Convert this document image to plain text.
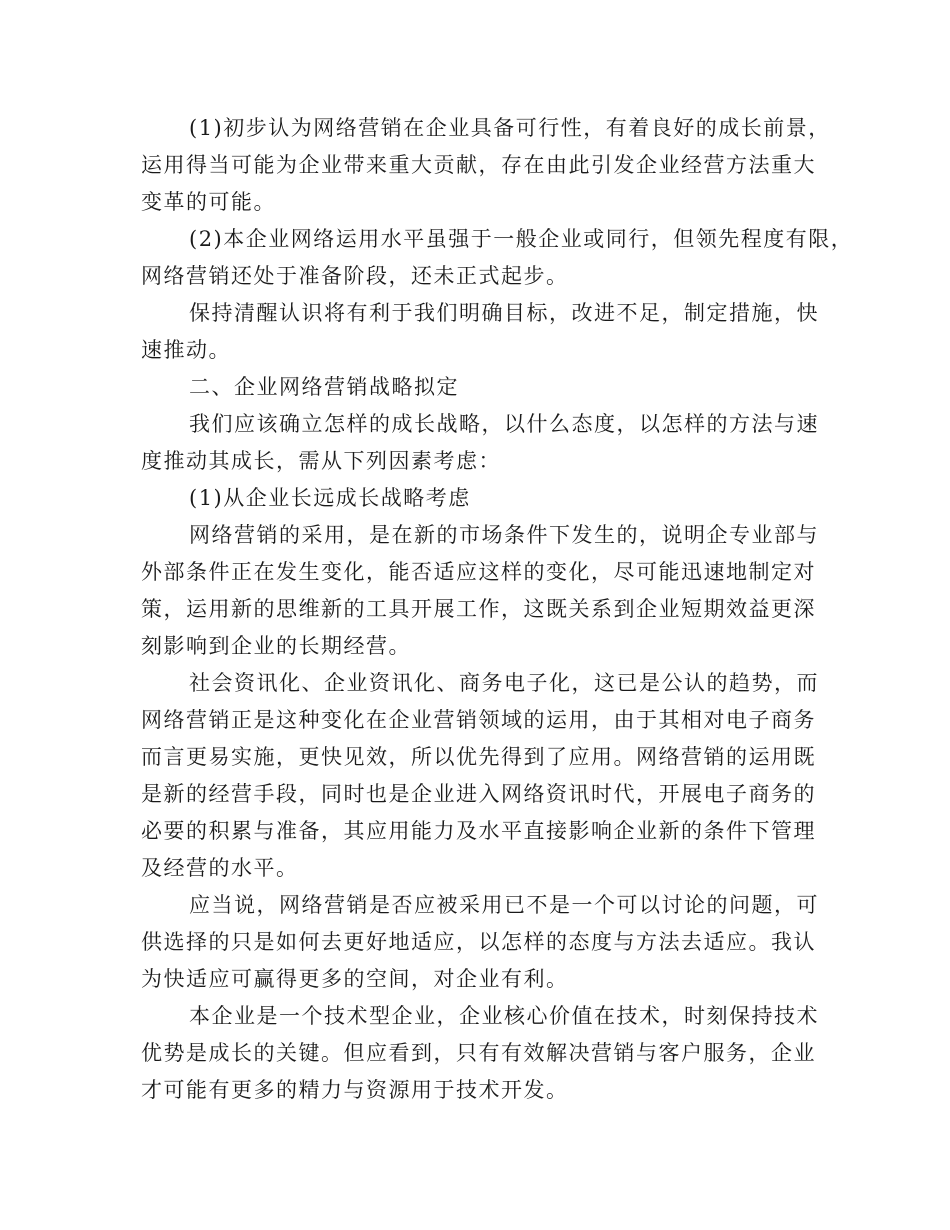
(1)初步认为网络营销在企业具备可行性，有着良好的成长前景，
运用得当可能为企业带来重大贡献，存在由此引发企业经营方法重大
变革的可能。
(2)本企业网络运用水平虽强于一般企业或同行，但领先程度有限，
网络营销还处于准备阶段，还未正式起步。
保持清醒认识将有利于我们明确目标，改进不足，制定措施，快
速推动。
二、企业网络营销战略拟定
我们应该确立怎样的成长战略，以什么态度，以怎样的方法与速
度推动其成长，需从下列因素考虑：
(1)从企业长远成长战略考虑
网络营销的采用，是在新的市场条件下发生的，说明企专业部与
外部条件正在发生变化，能否适应这样的变化，尽可能迅速地制定对
策，运用新的思维新的工具开展工作，这既关系到企业短期效益更深
刻影响到企业的长期经营。
社会资讯化、企业资讯化、商务电子化，这已是公认的趋势，而
网络营销正是这种变化在企业营销领域的运用，由于其相对电子商务
而言更易实施，更快见效，所以优先得到了应用。网络营销的运用既
是新的经营手段，同时也是企业进入网络资讯时代，开展电子商务的
必要的积累与准备，其应用能力及水平直接影响企业新的条件下管理
及经营的水平。
应当说，网络营销是否应被采用已不是一个可以讨论的问题，可
供选择的只是如何去更好地适应，以怎样的态度与方法去适应。我认
为快适应可赢得更多的空间，对企业有利。
本企业是一个技术型企业，企业核心价值在技术，时刻保持技术
优势是成长的关键。但应看到，只有有效解决营销与客户服务，企业
才可能有更多的精力与资源用于技术开发。
